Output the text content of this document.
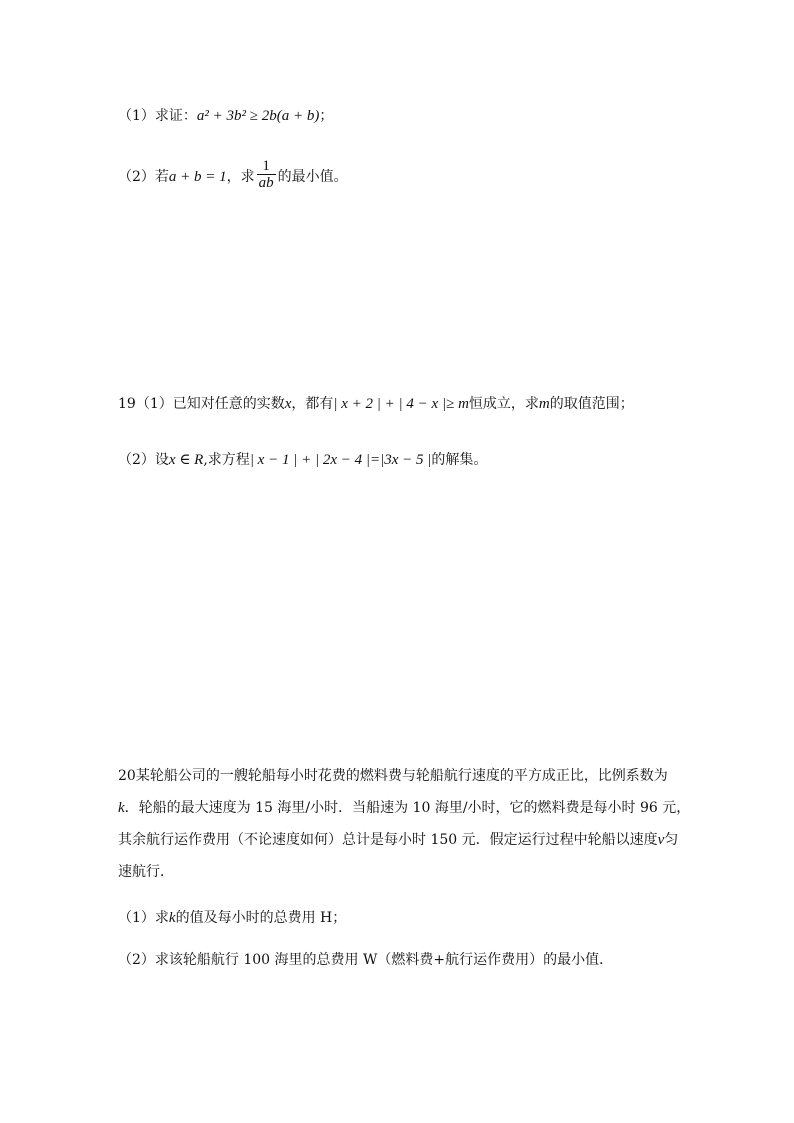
（1）求证：a² + 3b² ≥ 2b(a + b)；
（2）若a + b = 1，求 $\frac{1}{ab}$ 的最小值。
19（1）已知对任意的实数x，都有| x + 2 | + | 4 − x |≥ m恒成立，求m的取值范围；
（2）设x ∈ R,求方程| x − 1 | + | 2x − 4 |=|3x − 5 |的解集。
20某轮船公司的一艘轮船每小时花费的燃料费与轮船航行速度的平方成正比，比例系数为
k．轮船的最大速度为 15 海里/小时．当船速为 10 海里/小时，它的燃料费是每小时 96 元，
其余航行运作费用（不论速度如何）总计是每小时 150 元．假定运行过程中轮船以速度v匀
速航行．
（1）求k的值及每小时的总费用 H；
（2）求该轮船航行 100 海里的总费用 W（燃料费+航行运作费用）的最小值．
